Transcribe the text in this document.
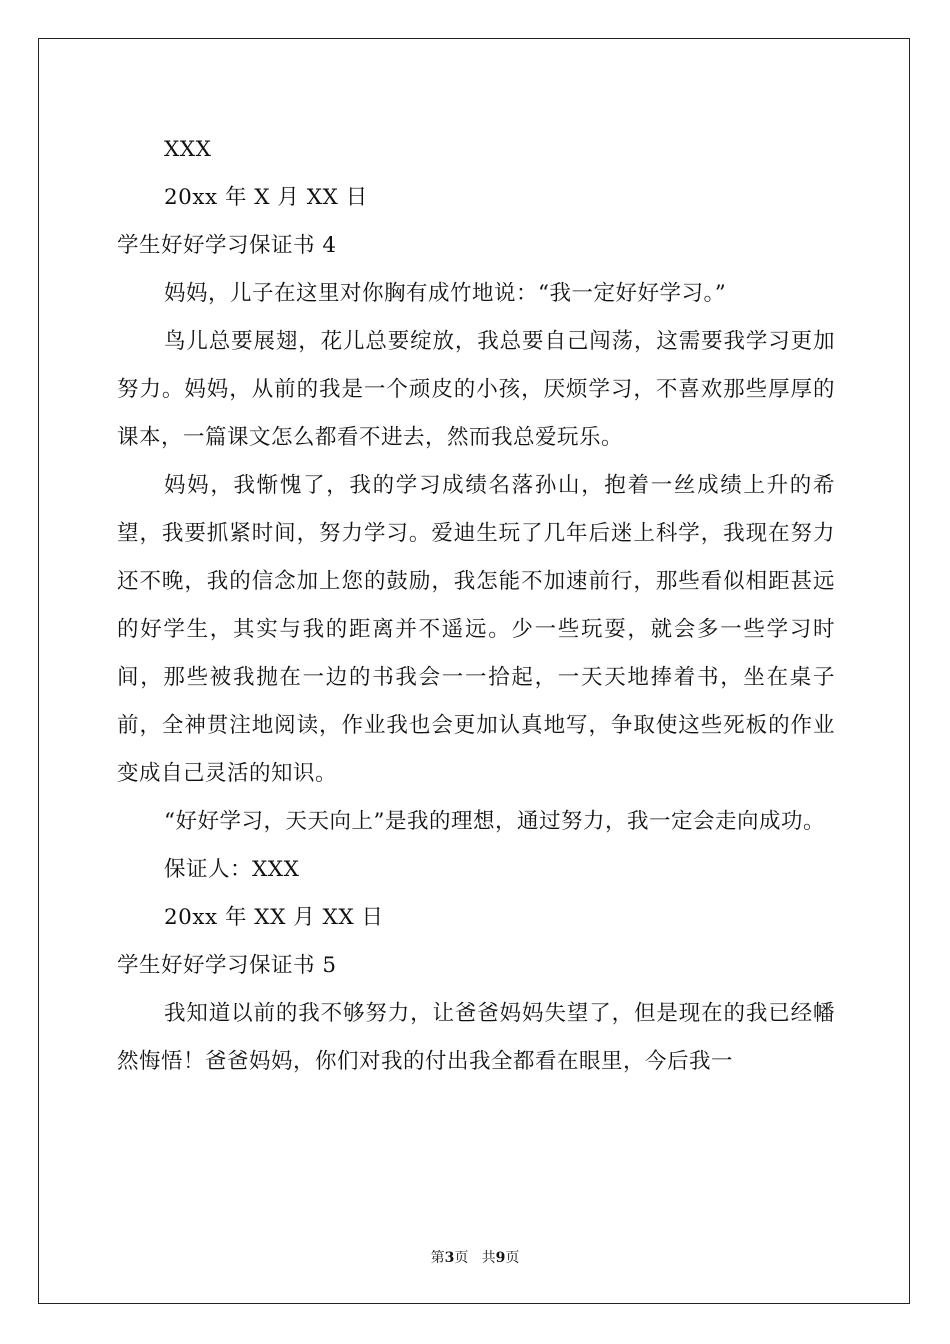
XXX

20xx 年 X 月 XX 日

学生好好学习保证书 4

妈妈，儿子在这里对你胸有成竹地说：“我一定好好学习。”

鸟儿总要展翅，花儿总要绽放，我总要自己闯荡，这需要我学习更加努力。妈妈，从前的我是一个顽皮的小孩，厌烦学习，不喜欢那些厚厚的课本，一篇课文怎么都看不进去，然而我总爱玩乐。

妈妈，我惭愧了，我的学习成绩名落孙山，抱着一丝成绩上升的希望，我要抓紧时间，努力学习。爱迪生玩了几年后迷上科学，我现在努力还不晚，我的信念加上您的鼓励，我怎能不加速前行，那些看似相距甚远的好学生，其实与我的距离并不遥远。少一些玩耍，就会多一些学习时间，那些被我抛在一边的书我会一一拾起，一天天地捧着书，坐在桌子前，全神贯注地阅读，作业我也会更加认真地写，争取使这些死板的作业变成自己灵活的知识。

“好好学习，天天向上”是我的理想，通过努力，我一定会走向成功。

保证人：XXX

20xx 年 XX 月 XX 日

学生好好学习保证书 5

我知道以前的我不够努力，让爸爸妈妈失望了，但是现在的我已经幡然悔悟！爸爸妈妈，你们对我的付出我全都看在眼里，今后我一

第3页 共9页
